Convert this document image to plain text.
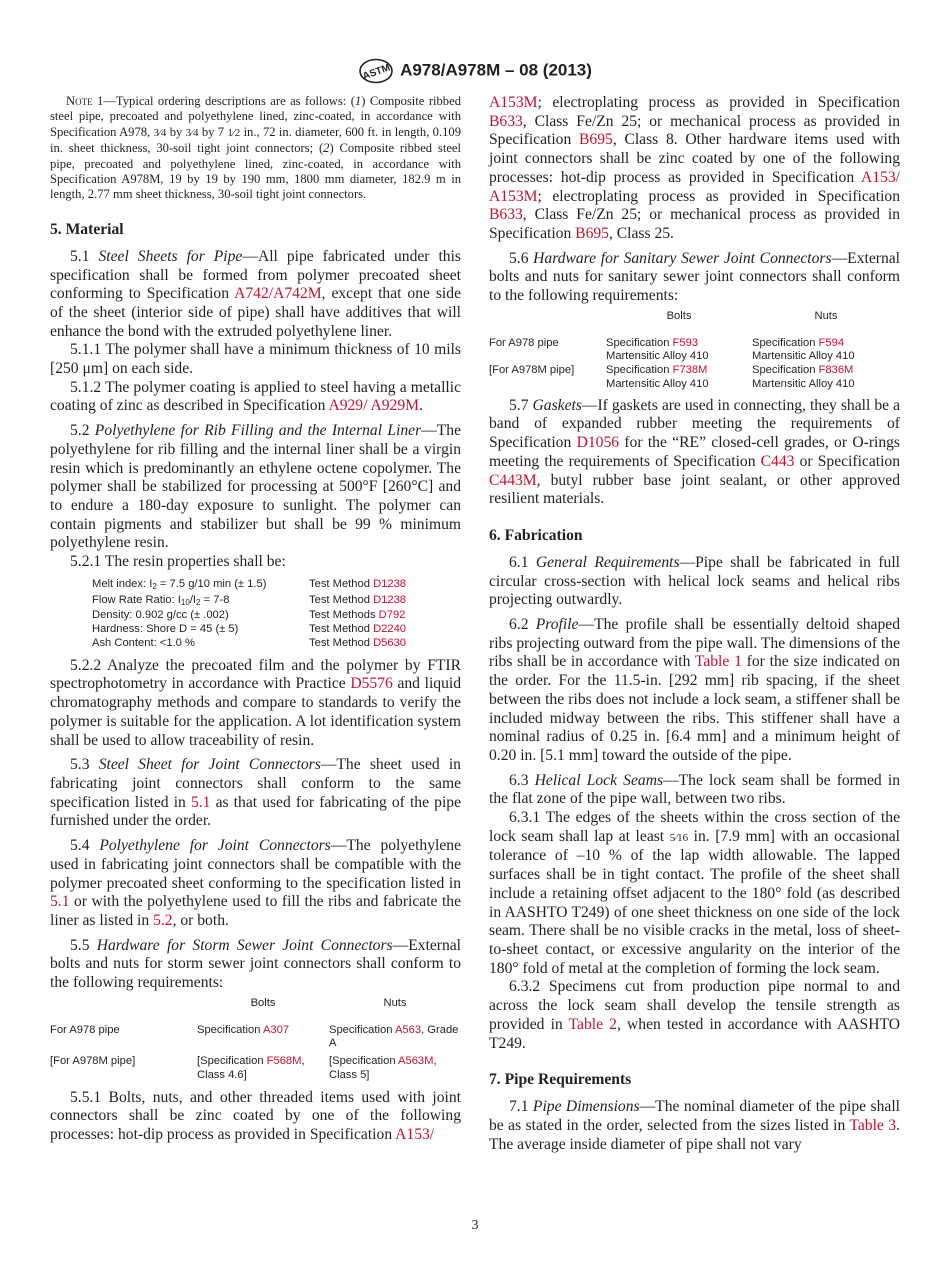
ASTM A978/A978M – 08 (2013)

Note 1—Typical ordering descriptions are as follows: (1) Composite ribbed steel pipe, precoated and polyethylene lined, zinc-coated, in accordance with Specification A978, 3⁄4 by 3⁄4 by 7 1⁄2 in., 72 in. diameter, 600 ft. in length, 0.109 in. sheet thickness, 30-soil tight joint connectors; (2) Composite ribbed steel pipe, precoated and polyethylene lined, zinc-coated, in accordance with Specification A978M, 19 by 19 by 190 mm, 1800 mm diameter, 182.9 m in length, 2.77 mm sheet thickness, 30-soil tight joint connectors.

5. Material

5.1 Steel Sheets for Pipe—All pipe fabricated under this specification shall be formed from polymer precoated sheet conforming to Specification A742/A742M, except that one side of the sheet (interior side of pipe) shall have additives that will enhance the bond with the extruded polyethylene liner.

5.1.1 The polymer shall have a minimum thickness of 10 mils [250 μm] on each side.

5.1.2 The polymer coating is applied to steel having a metallic coating of zinc as described in Specification A929/ A929M.

5.2 Polyethylene for Rib Filling and the Internal Liner—The polyethylene for rib filling and the internal liner shall be a virgin resin which is predominantly an ethylene octene copolymer. The polymer shall be stabilized for processing at 500°F [260°C] and to endure a 180-day exposure to sunlight. The polymer can contain pigments and stabilizer but shall be 99 % minimum polyethylene resin.

5.2.1 The resin properties shall be:

Melt index: $I_2 = 7.5$ g/10 min (± 1.5)	Test Method D1238
Flow Rate Ratio: $I_{10}/I_2 = 7-8$	Test Method D1238
Density: 0.902 g/cc (± .002)	Test Methods D792
Hardness: Shore D = 45 (± 5)	Test Method D2240
Ash Content: <1.0 %	Test Method D5630

5.2.2 Analyze the precoated film and the polymer by FTIR spectrophotometry in accordance with Practice D5576 and liquid chromatography methods and compare to standards to verify the polymer is suitable for the application. A lot identification system shall be used to allow traceability of resin.

5.3 Steel Sheet for Joint Connectors—The sheet used in fabricating joint connectors shall conform to the same specification listed in 5.1 as that used for fabricating of the pipe furnished under the order.

5.4 Polyethylene for Joint Connectors—The polyethylene used in fabricating joint connectors shall be compatible with the polymer precoated sheet conforming to the specification listed in 5.1 or with the polyethylene used to fill the ribs and fabricate the liner as listed in 5.2, or both.

5.5 Hardware for Storm Sewer Joint Connectors—External bolts and nuts for storm sewer joint connectors shall conform to the following requirements:

	Bolts	Nuts
For A978 pipe	Specification A307	Specification A563, Grade A
[For A978M pipe]	[Specification F568M, Class 4.6]	[Specification A563M, Class 5]

5.5.1 Bolts, nuts, and other threaded items used with joint connectors shall be zinc coated by one of the following processes: hot-dip process as provided in Specification A153/

A153M; electroplating process as provided in Specification B633, Class Fe/Zn 25; or mechanical process as provided in Specification B695, Class 8. Other hardware items used with joint connectors shall be zinc coated by one of the following processes: hot-dip process as provided in Specification A153/ A153M; electroplating process as provided in Specification B633, Class Fe/Zn 25; or mechanical process as provided in Specification B695, Class 25.

5.6 Hardware for Sanitary Sewer Joint Connectors—External bolts and nuts for sanitary sewer joint connectors shall conform to the following requirements:

	Bolts	Nuts
For A978 pipe	Specification F593 Martensitic Alloy 410	Specification F594 Martensitic Alloy 410
[For A978M pipe]	Specification F738M Martensitic Alloy 410	Specification F836M Martensitic Alloy 410

5.7 Gaskets—If gaskets are used in connecting, they shall be a band of expanded rubber meeting the requirements of Specification D1056 for the “RE” closed-cell grades, or O-rings meeting the requirements of Specification C443 or Specification C443M, butyl rubber base joint sealant, or other approved resilient materials.

6. Fabrication

6.1 General Requirements—Pipe shall be fabricated in full circular cross-section with helical lock seams and helical ribs projecting outwardly.

6.2 Profile—The profile shall be essentially deltoid shaped ribs projecting outward from the pipe wall. The dimensions of the ribs shall be in accordance with Table 1 for the size indicated on the order. For the 11.5-in. [292 mm] rib spacing, if the sheet between the ribs does not include a lock seam, a stiffener shall be included midway between the ribs. This stiffener shall have a nominal radius of 0.25 in. [6.4 mm] and a minimum height of 0.20 in. [5.1 mm] toward the outside of the pipe.

6.3 Helical Lock Seams—The lock seam shall be formed in the flat zone of the pipe wall, between two ribs.

6.3.1 The edges of the sheets within the cross section of the lock seam shall lap at least 5⁄16 in. [7.9 mm] with an occasional tolerance of –10 % of the lap width allowable. The lapped surfaces shall be in tight contact. The profile of the sheet shall include a retaining offset adjacent to the 180° fold (as described in AASHTO T249) of one sheet thickness on one side of the lock seam. There shall be no visible cracks in the metal, loss of sheet-to-sheet contact, or excessive angularity on the interior of the 180° fold of metal at the completion of forming the lock seam.

6.3.2 Specimens cut from production pipe normal to and across the lock seam shall develop the tensile strength as provided in Table 2, when tested in accordance with AASHTO T249.

7. Pipe Requirements

7.1 Pipe Dimensions—The nominal diameter of the pipe shall be as stated in the order, selected from the sizes listed in Table 3. The average inside diameter of pipe shall not vary

3
